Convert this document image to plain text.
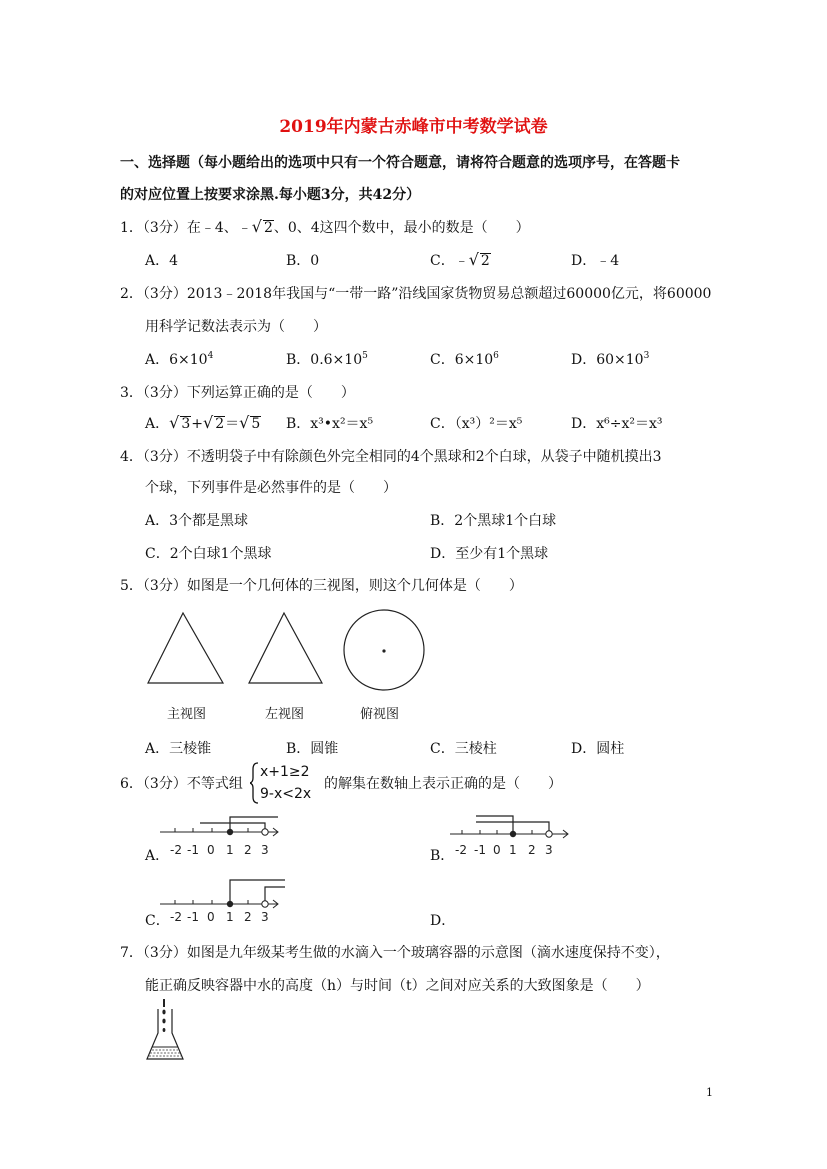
2019年内蒙古赤峰市中考数学试卷
一、选择题（每小题给出的选项中只有一个符合题意，请将符合题意的选项序号，在答题卡
的对应位置上按要求涂黑.每小题3分，共42分）
1．（3分）在﹣4、﹣√ 2、0、4这四个数中，最小的数是（　　）
A．4	B．0	C．﹣√ 2	D．﹣4
2．（3分）2013﹣2018年我国与“一带一路”沿线国家货物贸易总额超过60000亿元，将60000
用科学记数法表示为（　　）
A．$6\times 10^4$	B．$0.6\times 10^5$	C．$6\times 10^6$	D．$60\times 10^3$
3．（3分）下列运算正确的是（　　）
A．√ 3+√ 2＝√ 5 B．x³•x²＝x⁵	C．（x³）²＝x⁵	D．x⁶÷x²＝x³
4．（3分）不透明袋子中有除颜色外完全相同的4个黑球和2个白球，从袋子中随机摸出3
个球，下列事件是必然事件的是（　　）
A．3个都是黑球	B．2个黑球1个白球
C．2个白球1个黑球	D．至少有1个黑球
5．（3分）如图是一个几何体的三视图，则这个几何体是（　　）
主视图	左视图	俯视图
A．三棱锥	B．圆锥	C．三棱柱	D．圆柱
6．（3分）不等式组
x+1≥2
9-x<2x
的解集在数轴上表示正确的是（　　）
A．	B．
C．	D．
-2 -1 0 1 2 3	-2 -1 0 1 2 3
-2 -1 0 1 2 3
7．（3分）如图是九年级某考生做的水滴入一个玻璃容器的示意图（滴水速度保持不变），
能正确反映容器中水的高度（h）与时间（t）之间对应关系的大致图象是（　　）
1
